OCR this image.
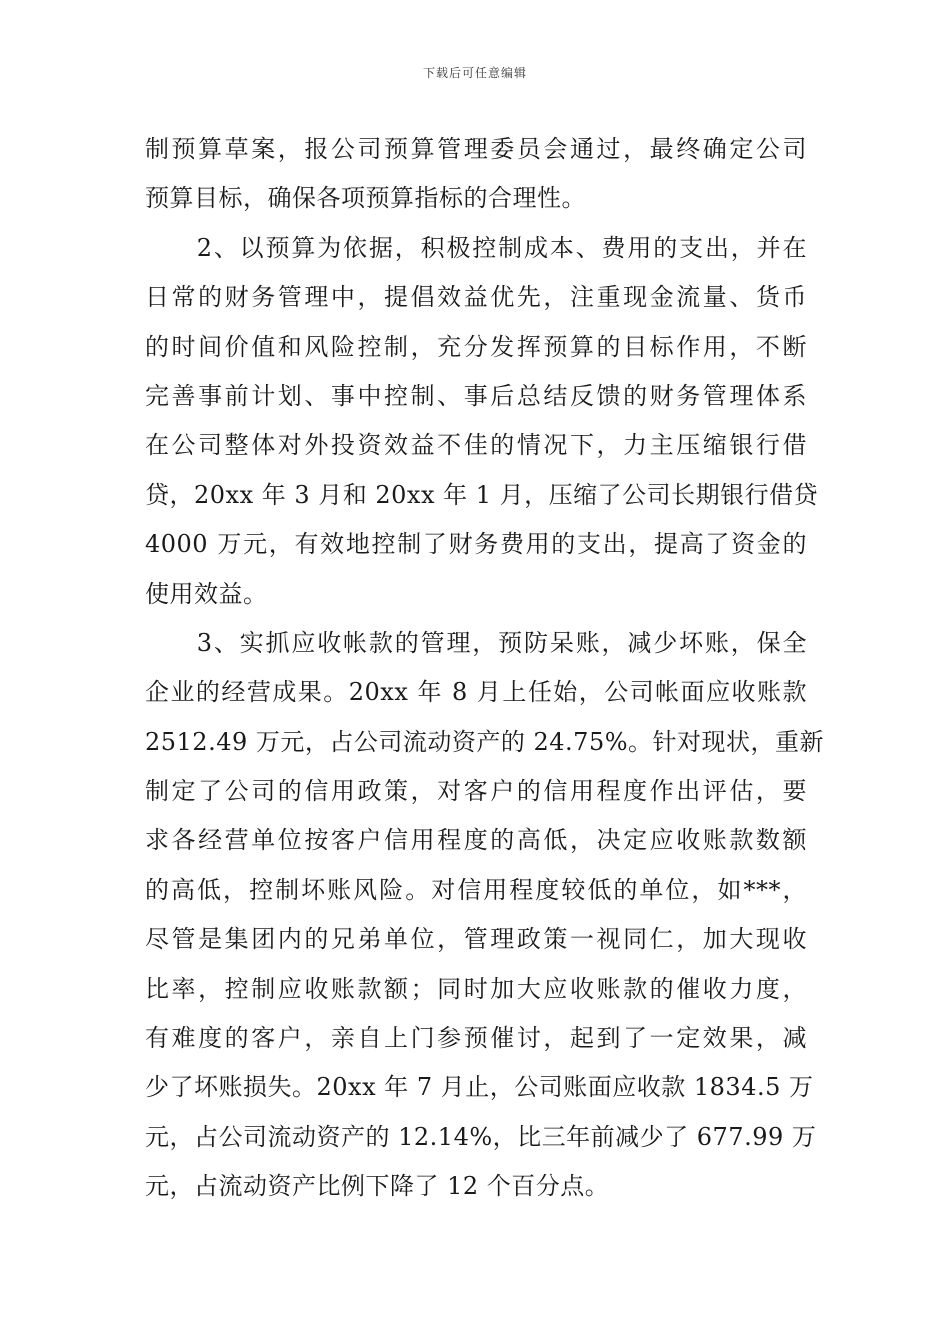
下载后可任意编辑
制预算草案，报公司预算管理委员会通过，最终确定公司
预算目标，确保各项预算指标的合理性。
　　2、以预算为依据，积极控制成本、费用的支出，并在
日常的财务管理中，提倡效益优先，注重现金流量、货币
的时间价值和风险控制，充分发挥预算的目标作用，不断
完善事前计划、事中控制、事后总结反馈的财务管理体系
在公司整体对外投资效益不佳的情况下，力主压缩银行借
贷，20xx 年 3 月和 20xx 年 1 月，压缩了公司长期银行借贷
4000 万元，有效地控制了财务费用的支出，提高了资金的
使用效益。
　　3、实抓应收帐款的管理，预防呆账，减少坏账，保全
企业的经营成果。20xx 年 8 月上任始，公司帐面应收账款
2512.49 万元，占公司流动资产的 24.75%。针对现状，重新
制定了公司的信用政策，对客户的信用程度作出评估，要
求各经营单位按客户信用程度的高低，决定应收账款数额
的高低，控制坏账风险。对信用程度较低的单位，如***，
尽管是集团内的兄弟单位，管理政策一视同仁，加大现收
比率，控制应收账款额；同时加大应收账款的催收力度，
有难度的客户，亲自上门参预催讨，起到了一定效果，减
少了坏账损失。20xx 年 7 月止，公司账面应收款 1834.5 万
元，占公司流动资产的 12.14%，比三年前减少了 677.99 万
元，占流动资产比例下降了 12 个百分点。
